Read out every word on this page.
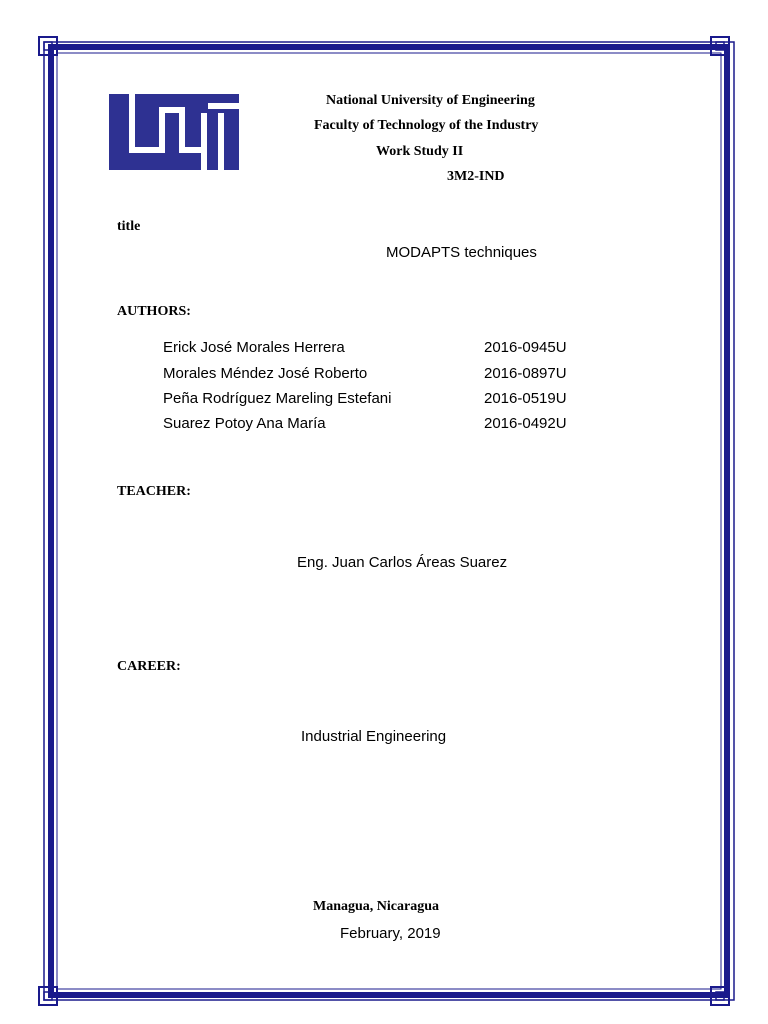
National University of Engineering
Faculty of Technology of the Industry
Work Study II
3M2-IND
title
MODAPTS techniques
AUTHORS:
Erick José Morales Herrera	2016-0945U
Morales Méndez José Roberto	2016-0897U
Peña Rodríguez Mareling Estefani	2016-0519U
Suarez Potoy Ana María	2016-0492U
TEACHER:
Eng. Juan Carlos Áreas Suarez
CAREER:
Industrial Engineering
Managua, Nicaragua
February, 2019
